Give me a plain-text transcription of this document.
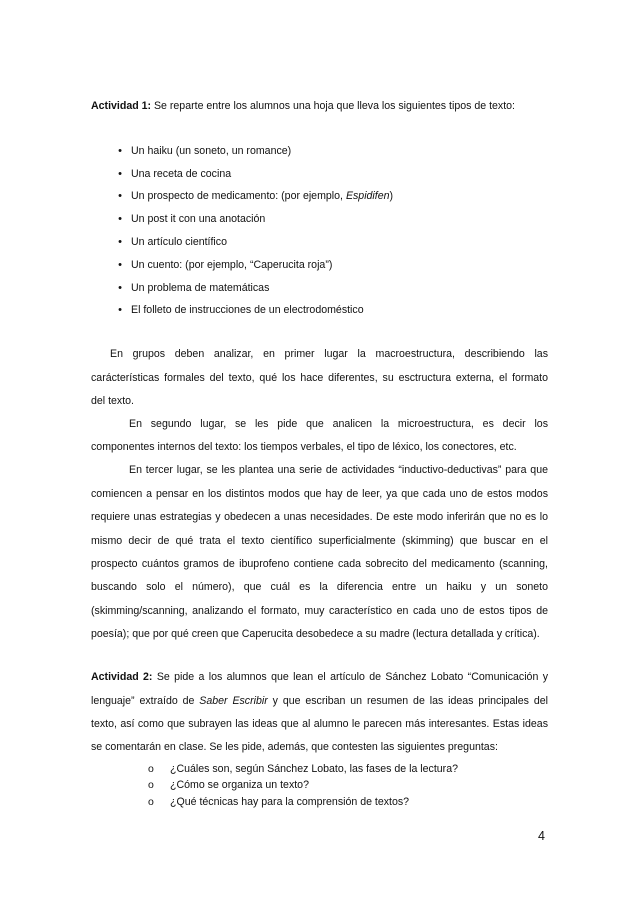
Actividad 1: Se reparte entre los alumnos una hoja que lleva los siguientes tipos de texto:
• Un haiku (un soneto, un romance)
• Una receta de cocina
• Un prospecto de medicamento: (por ejemplo, Espidifen)
• Un post it con una anotación
• Un artículo científico
• Un cuento: (por ejemplo, “Caperucita roja”)
• Un problema de matemáticas
• El folleto de instrucciones de un electrodoméstico
En grupos deben analizar, en primer lugar la macroestructura, describiendo las
carácterísticas formales del texto, qué los hace diferentes, su esctructura externa, el formato
del texto.
En segundo lugar, se les pide que analicen la microestructura, es decir los
componentes internos del texto: los tiempos verbales, el tipo de léxico, los conectores, etc.
En tercer lugar, se les plantea una serie de actividades “inductivo-deductivas” para que
comiencen a pensar en los distintos modos que hay de leer, ya que cada uno de estos modos
requiere unas estrategias y obedecen a unas necesidades. De este modo inferirán que no es lo
mismo decir de qué trata el texto científico superficialmente (skimming) que buscar en el
prospecto cuántos gramos de ibuprofeno contiene cada sobrecito del medicamento (scanning,
buscando solo el número), que cuál es la diferencia entre un haiku y un soneto
(skimming/scanning, analizando el formato, muy característico en cada uno de estos tipos de
poesía); que por qué creen que Caperucita desobedece a su madre (lectura detallada y crítica).
Actividad 2: Se pide a los alumnos que lean el artículo de Sánchez Lobato “Comunicación y
lenguaje” extraído de Saber Escribir y que escriban un resumen de las ideas principales del
texto, así como que subrayen las ideas que al alumno le parecen más interesantes. Estas ideas
se comentarán en clase. Se les pide, además, que contesten las siguientes preguntas:
o ¿Cuáles son, según Sánchez Lobato, las fases de la lectura?
o ¿Cómo se organiza un texto?
o ¿Qué técnicas hay para la comprensión de textos?
4
